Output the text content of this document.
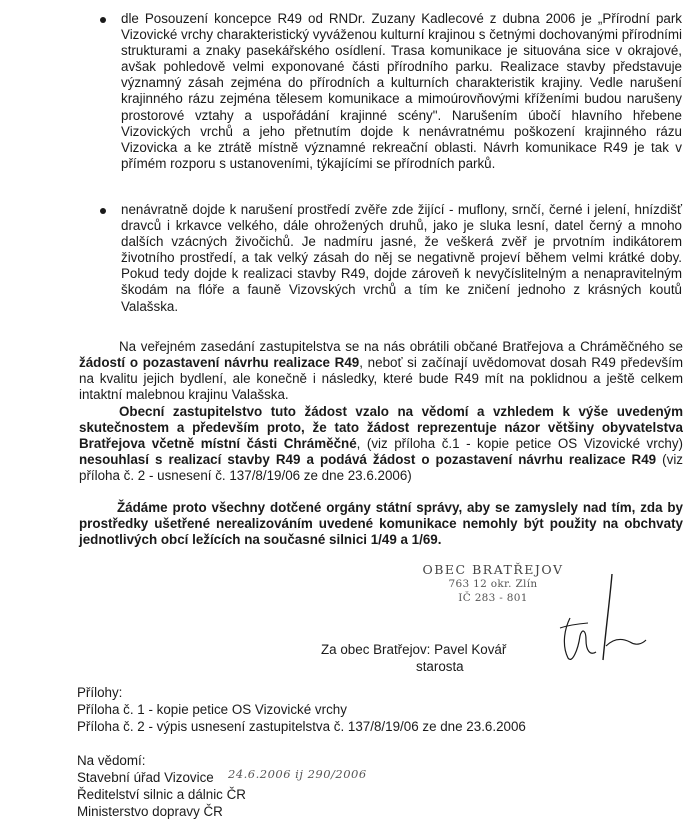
dle Posouzení koncepce R49 od RNDr. Zuzany Kadlecové z dubna 2006 je „Přírodní park Vizovické vrchy charakteristický vyváženou kulturní krajinou s četnými dochovanými přírodními strukturami a znaky pasekářského osídlení. Trasa komunikace je situována sice v okrajové, avšak pohledově velmi exponované části přírodního parku. Realizace stavby představuje významný zásah zejména do přírodních a kulturních charakteristik krajiny. Vedle narušení krajinného rázu zejména tělesem komunikace a mimoúrovňovými kříženími budou narušeny prostorové vztahy a uspořádání krajinné scény". Narušením úbočí hlavního hřebene Vizovických vrchů a jeho přetnutím dojde k nenávratnému poškození krajinného rázu Vizovicka a ke ztrátě místně významné rekreační oblasti. Návrh komunikace R49 je tak v přímém rozporu s ustanoveními, týkajícími se přírodních parků.
nenávratně dojde k narušení prostředí zvěře zde žijící - muflony, srnčí, černé i jelení, hnízdišť dravců i krkavce velkého, dále ohrožených druhů, jako je sluka lesní, datel černý a mnoho dalších vzácných živočichů. Je nadmíru jasné, že veškerá zvěř je prvotním indikátorem životního prostředí, a tak velký zásah do něj se negativně projeví během velmi krátké doby. Pokud tedy dojde k realizaci stavby R49, dojde zároveň k nevyčíslitelným a nenapravitelným škodám na flóře a fauně Vizovských vrchů a tím ke zničení jednoho z krásných koutů Valašska.
Na veřejném zasedání zastupitelstva se na nás obrátili občané Bratřejova a Chráměčného se žádostí o pozastavení návrhu realizace R49, neboť si začínají uvědomovat dosah R49 především na kvalitu jejich bydlení, ale konečně i následky, které bude R49 mít na poklidnou a ještě celkem intaktní malebnou krajinu Valašska.
Obecní zastupitelstvo tuto žádost vzalo na vědomí a vzhledem k výše uvedeným skutečnostem a především proto, že tato žádost reprezentuje názor většiny obyvatelstva Bratřejova včetně místní části Chráměčné, (viz příloha č.1 - kopie petice OS Vizovické vrchy) nesouhlasí s realizací stavby R49 a podává žádost o pozastavení návrhu realizace R49 (viz příloha č. 2 - usnesení č. 137/8/19/06 ze dne 23.6.2006)
Žádáme proto všechny dotčené orgány státní správy, aby se zamyslely nad tím, zda by prostředky ušetřené nerealizováním uvedené komunikace nemohly být použity na obchvaty jednotlivých obcí ležících na současné silnici 1/49 a 1/69.
OBEC BRATŘEJOV
763 12 okr. Zlín
IČ 283 - 801
Za obec Bratřejov: Pavel Kovář
starosta
Přílohy:
Příloha č. 1 - kopie petice OS Vizovické vrchy
Příloha č. 2 - výpis usnesení zastupitelstva č. 137/8/19/06 ze dne 23.6.2006
Na vědomí:
Stavební úřad Vizovice
Ředitelství silnic a dálnic ČR
Ministerstvo dopravy ČR
24.6.2006 ij 290/2006
